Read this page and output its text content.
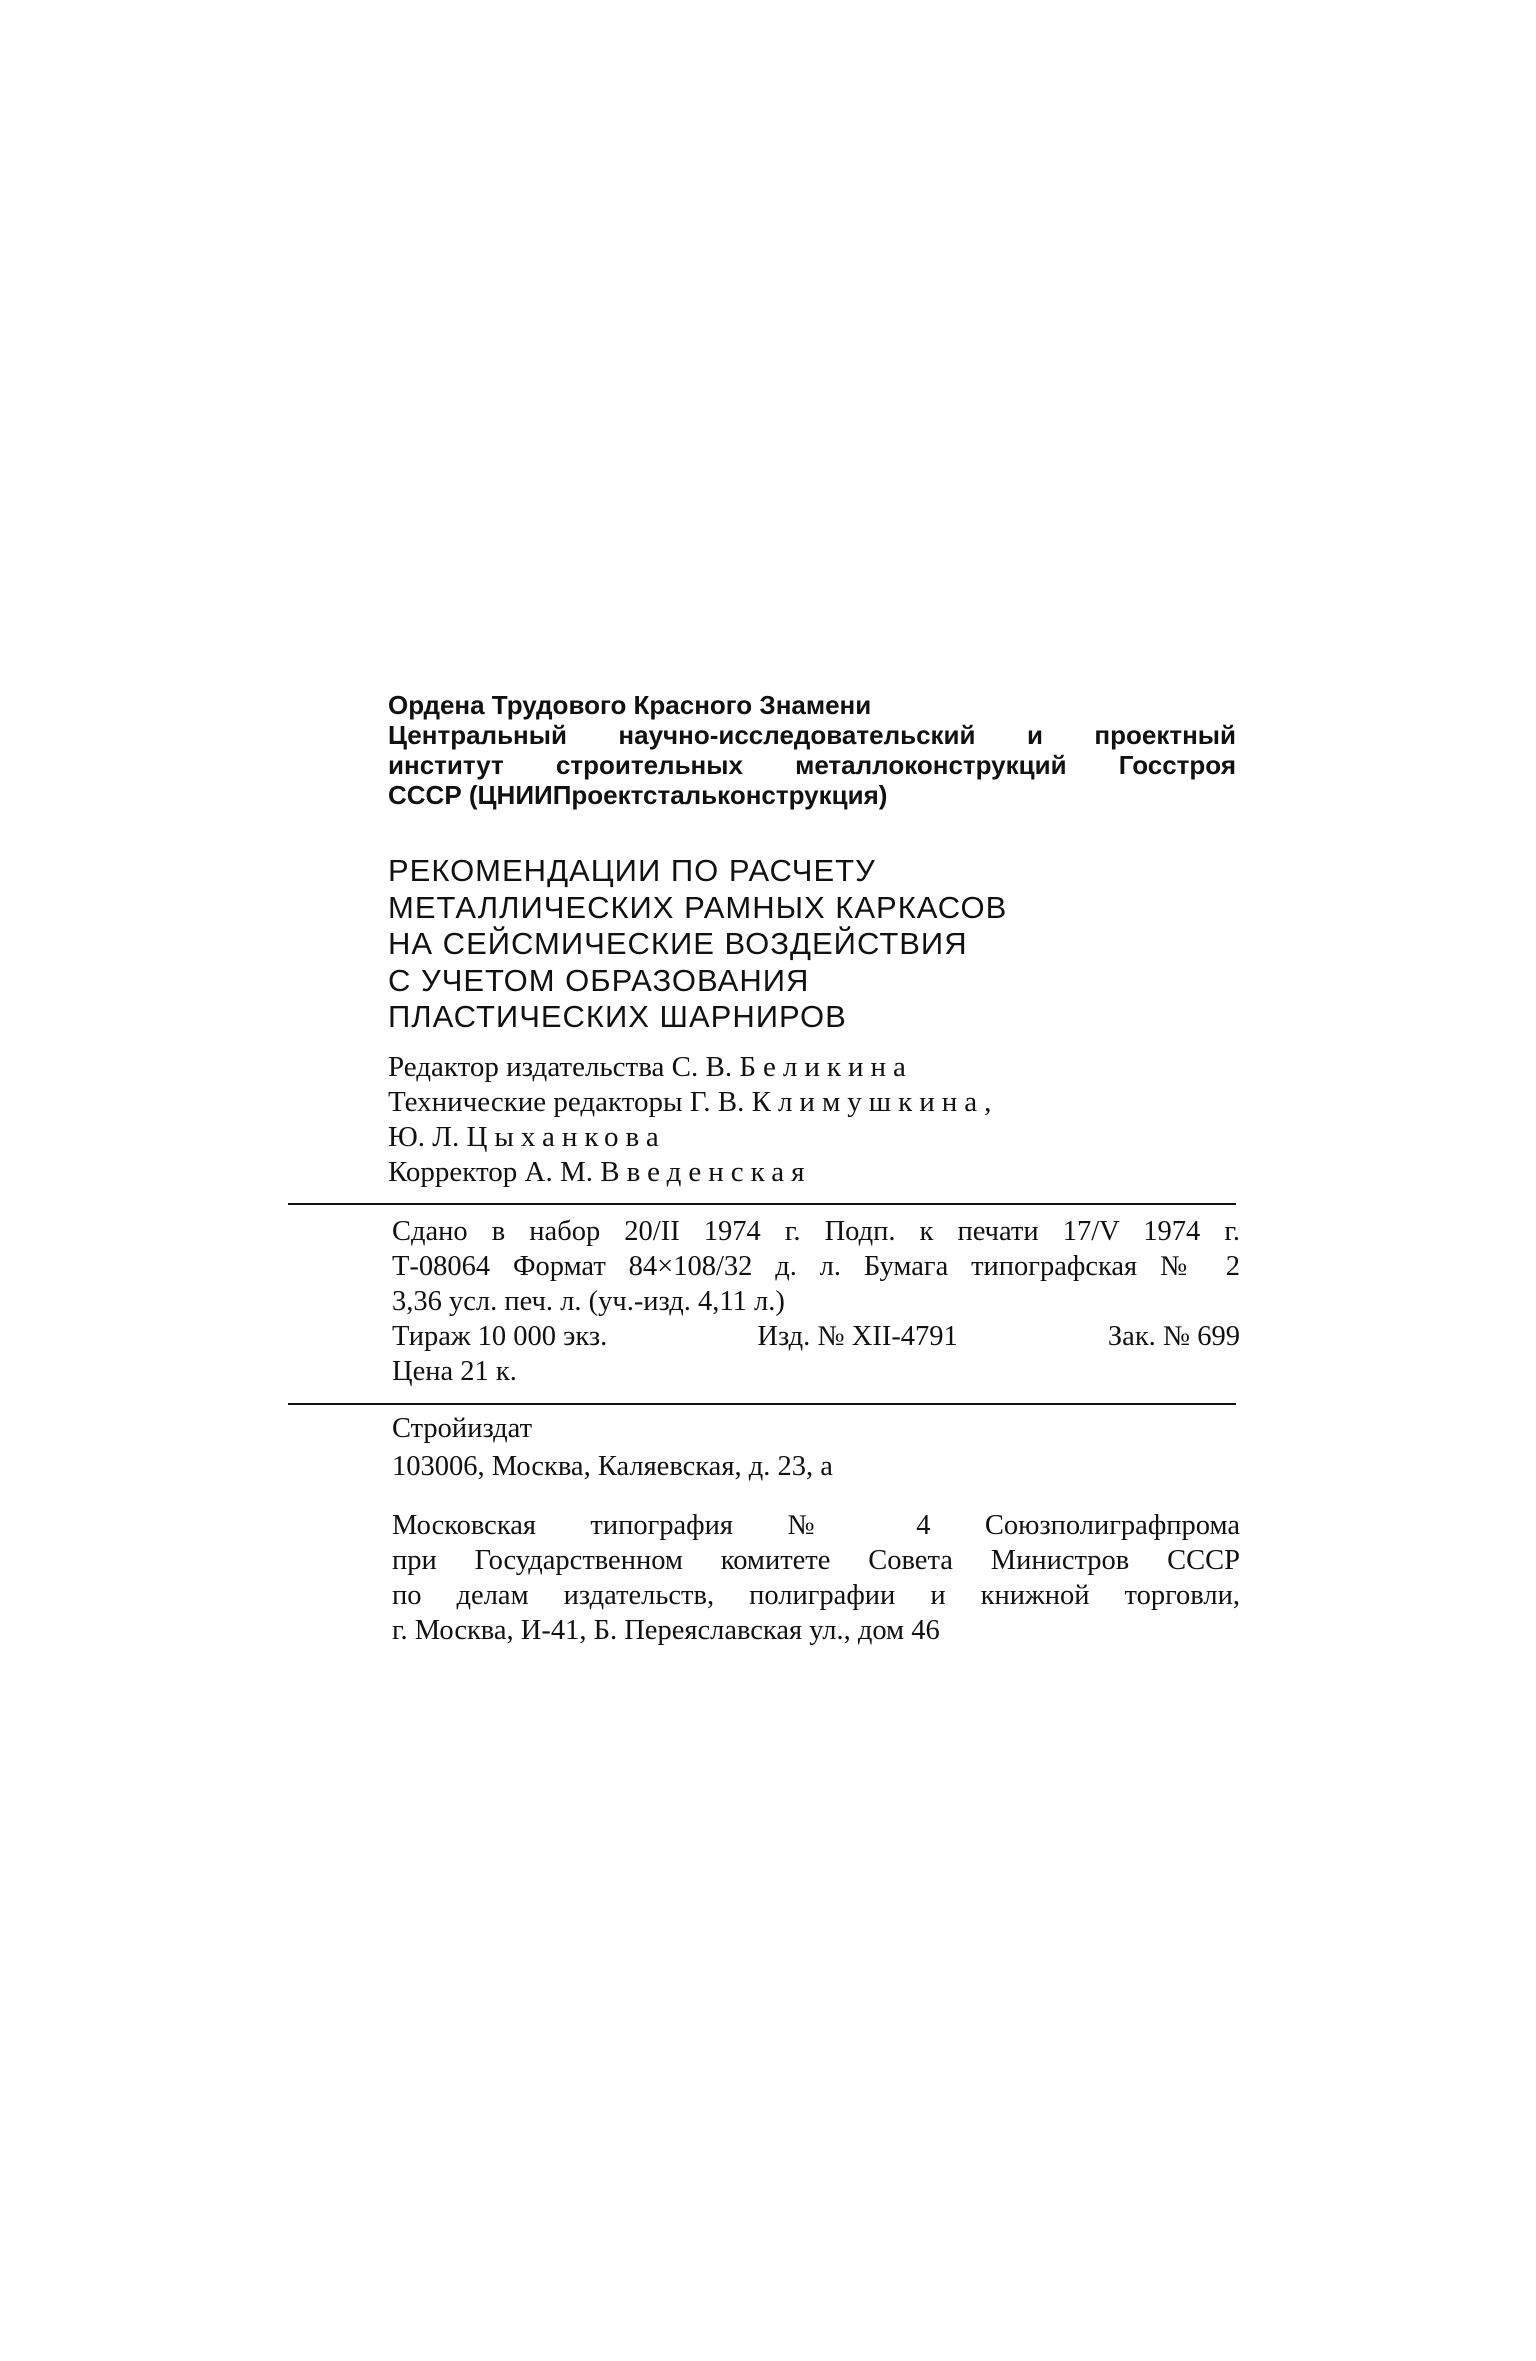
Ордена Трудового Красного Знамени
Центральный научно-исследовательский и проектный
институт строительных металлоконструкций Госстроя
СССР (ЦНИИПроектстальконструкция)
РЕКОМЕНДАЦИИ ПО РАСЧЕТУ
МЕТАЛЛИЧЕСКИХ РАМНЫХ КАРКАСОВ
НА СЕЙСМИЧЕСКИЕ ВОЗДЕЙСТВИЯ
С УЧЕТОМ ОБРАЗОВАНИЯ
ПЛАСТИЧЕСКИХ ШАРНИРОВ
Редактор издательства С. В. Беликина
Технические редакторы Г. В. Климушкина,
Ю. Л. Цыханкова
Корректор А. М. Введенская
Сдано в набор 20/II 1974 г. Подп. к печати 17/V 1974 г.
Т-08064 Формат 84×108/32 д. л. Бумага типографская № 2
3,36 усл. печ. л. (уч.-изд. 4,11 л.)
Тираж 10 000 экз.	Изд. № XII-4791	Зак. № 699
Цена 21 к.
Стройиздат
103006, Москва, Каляевская, д. 23, а
Московская типография № 4 Союзполиграфпрома
при Государственном комитете Совета Министров СССР
по делам издательств, полиграфии и книжной торговли,
г. Москва, И-41, Б. Переяславская ул., дом 46
